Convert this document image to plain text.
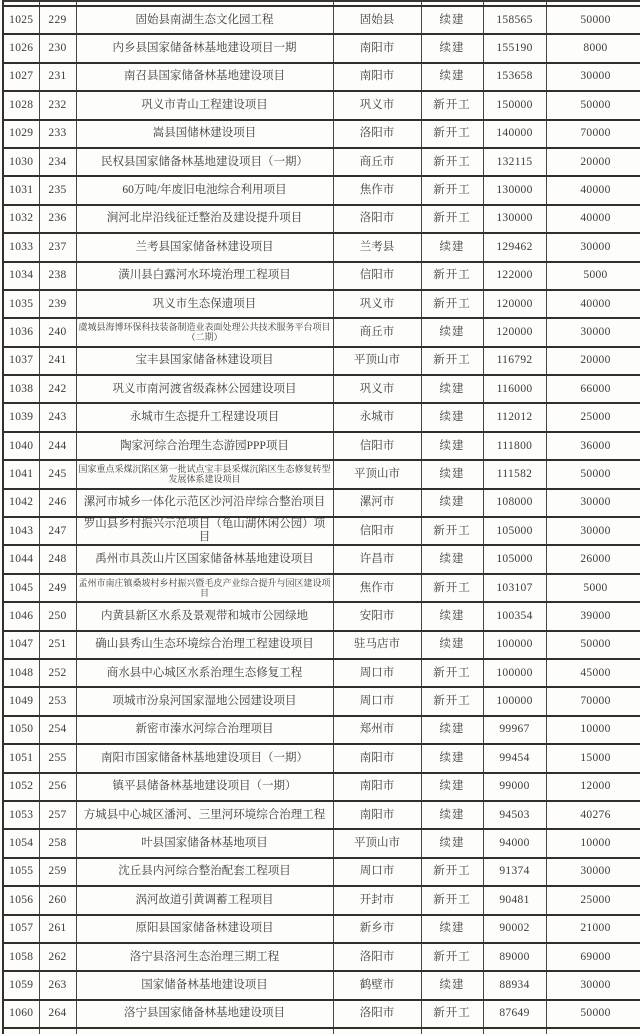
1025	229	固始县南湖生态文化园工程	固始县	续建	158565	50000
1026	230	内乡县国家储备林基地建设项目一期	南阳市	续建	155190	8000
1027	231	南召县国家储备林基地建设项目	南阳市	续建	153658	30000
1028	232	巩义市青山工程建设项目	巩义市	新开工	150000	50000
1029	233	嵩县国储林建设项目	洛阳市	新开工	140000	70000
1030	234	民权县国家储备林基地建设项目（一期）	商丘市	新开工	132115	20000
1031	235	60万吨/年废旧电池综合利用项目	焦作市	新开工	130000	40000
1032	236	涧河北岸沿线征迁整治及建设提升项目	洛阳市	新开工	130000	40000
1033	237	兰考县国家储备林建设项目	兰考县	续建	129462	30000
1034	238	潢川县白露河水环境治理工程项目	信阳市	新开工	122000	5000
1035	239	巩义市生态保遗项目	巩义市	新开工	120000	40000
1036	240	虞城县海博环保科技装备制造业表面处理公共技术服务平台项目（二期）	商丘市	续建	120000	30000
1037	241	宝丰县国家储备林建设项目	平顶山市	新开工	116792	20000
1038	242	巩义市南河渡省级森林公园建设项目	巩义市	续建	116000	66000
1039	243	永城市生态提升工程建设项目	永城市	续建	112012	25000
1040	244	陶家河综合治理生态游园PPP项目	信阳市	续建	111800	36000
1041	245	国家重点采煤沉陷区第一批试点宝丰县采煤沉陷区生态修复转型发展体系建设项目	平顶山市	续建	111582	50000
1042	246	漯河市城乡一体化示范区沙河沿岸综合整治项目	漯河市	续建	108000	30000
1043	247	罗山县乡村振兴示范项目（龟山湖休闲公园）项目	信阳市	新开工	105000	30000
1044	248	禹州市具茨山片区国家储备林基地建设项目	许昌市	续建	105000	26000
1045	249	孟州市南庄镇桑坡村乡村振兴暨毛皮产业综合提升与园区建设项目	焦作市	新开工	103107	5000
1046	250	内黄县新区水系及景观带和城市公园绿地	安阳市	续建	100354	39000
1047	251	确山县秀山生态环境综合治理工程建设项目	驻马店市	续建	100000	50000
1048	252	商水县中心城区水系治理生态修复工程	周口市	新开工	100000	45000
1049	253	项城市汾泉河国家湿地公园建设项目	周口市	新开工	100000	70000
1050	254	新密市溱水河综合治理项目	郑州市	续建	99967	10000
1051	255	南阳市国家储备林基地建设项目（一期）	南阳市	续建	99454	15000
1052	256	镇平县储备林基地建设项目（一期）	南阳市	续建	99000	12000
1053	257	方城县中心城区潘河、三里河环境综合治理工程	南阳市	续建	94503	40276
1054	258	叶县国家储备林基地项目	平顶山市	续建	94000	10000
1055	259	沈丘县内河综合整治配套工程项目	周口市	新开工	91374	30000
1056	260	涡河故道引黄调蓄工程项目	开封市	新开工	90481	25000
1057	261	原阳县国家储备林建设项目	新乡市	续建	90002	21000
1058	262	洛宁县洛河生态治理三期工程	洛阳市	新开工	89000	69000
1059	263	国家储备林基地建设项目	鹤壁市	续建	88934	30000
1060	264	洛宁县国家储备林基地建设项目	洛阳市	新开工	87649	50000
